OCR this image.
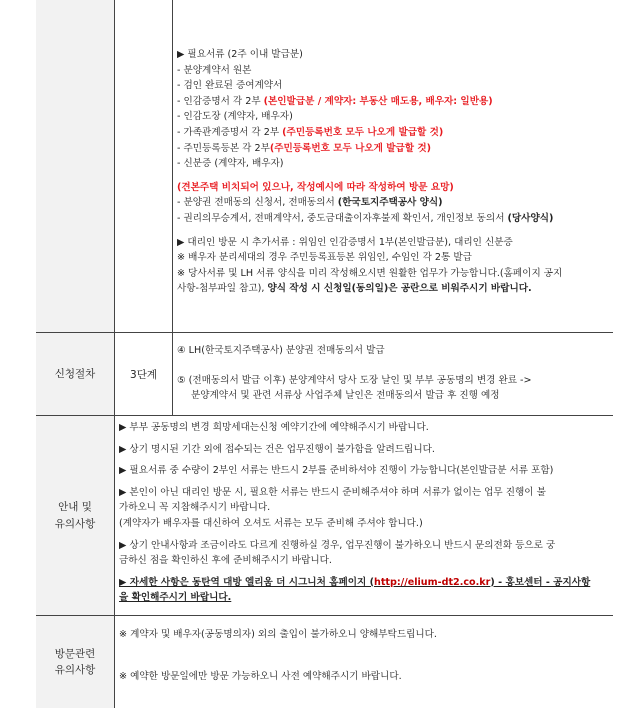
▶ 필요서류 (2주 이내 발급분)
- 분양계약서 원본
- 검인 완료된 증여계약서
- 인감증명서 각 2부 (본인발급분 / 계약자: 부동산 매도용, 배우자: 일반용)
- 인감도장 (계약자, 배우자)
- 가족관계증명서 각 2부 (주민등록번호 모두 나오게 발급할 것)
- 주민등록등본 각 2부(주민등록번호 모두 나오게 발급할 것)
- 신분증 (계약자, 배우자)
(견본주택 비치되어 있으나, 작성예시에 따라 작성하여 방문 요망)
- 분양권 전매동의 신청서, 전매동의서 (한국토지주택공사 양식)
- 권리의무승계서, 전매계약서, 중도금대출이자후불제 확인서, 개인정보 동의서 (당사양식)
▶ 대리인 방문 시 추가서류 : 위임인 인감증명서 1부(본인발급분), 대리인 신분증
※ 배우자 분리세대의 경우 주민등록표등본 위임인, 수임인 각 2통 발급
※ 당사서류 및 LH 서류 양식을 미리 작성해오시면 원활한 업무가 가능합니다.(홈페이지 공지
사항-첨부파일 참고), 양식 작성 시 신청일(동의일)은 공란으로 비워주시기 바랍니다.
신청절차	3단계
④ LH(한국토지주택공사) 분양권 전매동의서 발급
⑤ (전매동의서 발급 이후) 분양계약서 당사 도장 날인 및 부부 공동명의 변경 완료 ->
분양계약서 및 관련 서류상 사업주체 날인은 전매동의서 발급 후 진행 예정
안내 및
유의사항
▶ 부부 공동명의 변경 희망세대는신청 예약기간에 예약해주시기 바랍니다.
▶ 상기 명시된 기간 외에 접수되는 건은 업무진행이 불가함을 알려드립니다.
▶ 필요서류 중 수량이 2부인 서류는 반드시 2부를 준비하셔야 진행이 가능합니다(본인발급분 서류 포함)
▶ 본인이 아닌 대리인 방문 시, 필요한 서류는 반드시 준비해주셔야 하며 서류가 없이는 업무 진행이 불
가하오니 꼭 지참해주시기 바랍니다.
(계약자가 배우자를 대신하여 오셔도 서류는 모두 준비해 주셔야 합니다.)
▶ 상기 안내사항과 조금이라도 다르게 진행하실 경우, 업무진행이 불가하오니 반드시 문의전화 등으로 궁
금하신 점을 확인하신 후에 준비해주시기 바랍니다.
▶ 자세한 사항은 동탄역 대방 엘리움 더 시그니처 홈페이지 (http://elium-dt2.co.kr) - 홍보센터 - 공지사항
을 확인해주시기 바랍니다.
방문관련
유의사항
※ 계약자 및 배우자(공동명의자) 외의 출입이 불가하오니 양해부탁드립니다.
※ 예약한 방문일에만 방문 가능하오니 사전 예약해주시기 바랍니다.
